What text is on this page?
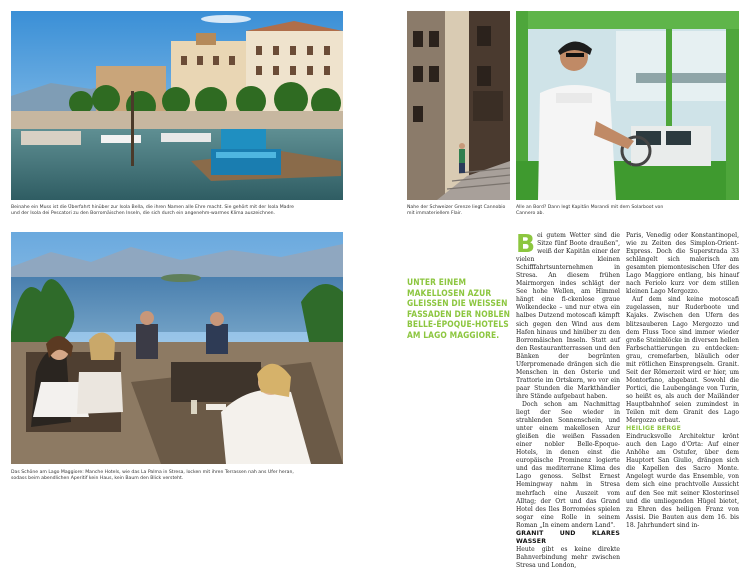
Beinahe ein Muss ist die Überfahrt hinüber zur Isola Bella, die ihren Namen alle Ehre macht. Sie gehört mit der Isola Madre und der Isola dei Pescatori zu den Borromäischen Inseln, die sich durch ein angenehm-warmes Klima auszeichnen.
Nahe der Schweizer Grenze liegt Cannobio mit immateriellem Flair.
Alle an Bord? Dann legt Kapitän Morandi mit dem Solarboot von Cannero ab.
Das Schöne am Lago Maggiore: Manche Hotels, wie das La Palma in Stresa, locken mit ihren Terrassen nah ans Ufer heran, sodass beim abendlichen Aperitif kein Haus, kein Baum den Blick versteht.
UNTER EINEM MAKELLOSEN AZUR GLEISSEN DIE WEISSEN FASSADEN DER NOBLEN BELLE-ÉPOQUE-HOTELS AM LAGO MAGGIORE.

Bei gutem Wetter sind die Sitze fünf Boote draußen", weiß der Kapitän einer der vielen kleinen Schifffahrtsunternehmen in Stresa. An diesem frühen Mairmorgen indes schlägt der See hohe Wellen, am Himmel hängt eine fi-ckenlose graue Wolkendecke – und nur etwa ein halbes Dutzend motoscafi kämpft sich gegen den Wind aus dem Hafen hinaus und hinüber zu den Borromäischen Inseln. Statt auf den Restaurantterrassen und den Bänken der begrünten Uferpromenade drängen sich die Menschen in den Osterie und Trattorie im Ortskern, wo vor ein paar Stunden die Markthändler ihre Stände aufgebaut haben.

Doch schon am Nachmittag liegt der See wieder in strahlenden Sonnenschein, und unter einem makellosen Azur gleißen die weißen Fassaden einer nobler Belle-Époque-Hotels, in denen einst die europäische Prominenz logierte und das mediterrane Klima des Lago genoss. Selbst Ernest Hemingway nahm in Stresa mehrfach eine Auszeit vom Alltag; der Ort und das Grand Hotel des Iles Borromées spielen sogar eine Rolle in seinem Roman „In einem andern Land".

GRANIT UND KLARES WASSER

Heute gibt es keine direkte Bahnverbindung mehr zwischen Stresa und London,

Paris, Venedig oder Konstantinopel, wie zu Zeiten des Simplon-Orient-Express. Doch die Superstrada 33 schlängelt sich malerisch am gesamten piemontesischen Ufer des Lago Maggiore entlang, bis hinauf nach Feriolo kurz vor dem stillen kleinen Lago Mergozzo.

Auf dem sind keine motoscafi zugelassen, nur Ruderboote und Kajaks. Zwischen den Ufern des blitzsauberen Lago Mergozzo und dem Fluss Toce sind immer wieder große Steinblöcke in diversen hellen Farbschattierungen zu entdecken: grau, cremefarben, bläulich oder mit rötlichen Einsprengseln. Granit. Seit der Römerzeit wird er hier, um Montorfano, abgebaut. Sowohl die Portici, die Laubengänge von Turin, so heißt es, als auch der Mailänder Hauptbahnhof seien zumindest in Teilen mit dem Granit des Lago Mergozzo erbaut.

HEILIGE BERGE

Eindrucksvolle Architektur krönt auch den Lago d'Orta: Auf einer Anhöhe am Ostufer, über dem Hauptort San Giulio, drängen sich die Kapellen des Sacro Monte. Angelegt wurde das Ensemble, von dem sich eine prachtvolle Aussicht auf den See mit seiner Klosterinsel und die umliegenden Hügel bietet, zu Ehren des heiligen Franz von Assisi. Die Bauten aus dem 16. bis 18. Jahrhundert sind in-
